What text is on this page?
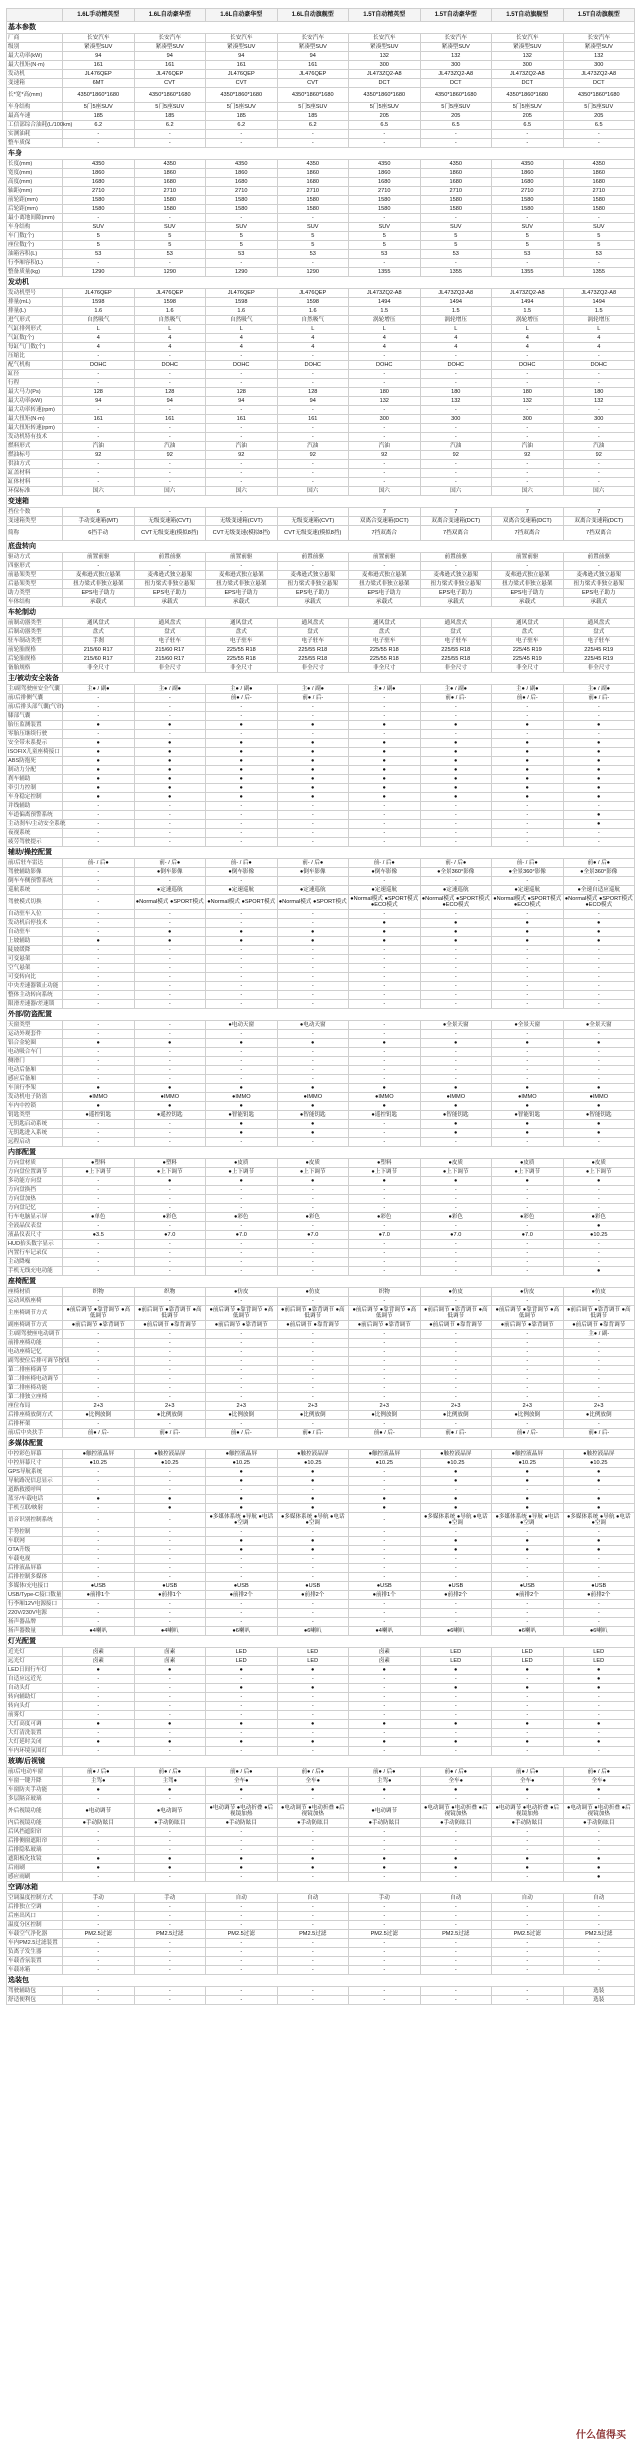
	1.6L手动精英型	1.6L自动豪华型	1.6L自动豪华型	1.6L自动旗舰型	1.5T自动精英型	1.5T自动豪华型	1.5T自动旗舰型	1.5T自动旗舰型
基本参数								
厂商	长安汽车	长安汽车	长安汽车	长安汽车	长安汽车	长安汽车	长安汽车	长安汽车
级别	紧凑型SUV	紧凑型SUV	紧凑型SUV	紧凑型SUV	紧凑型SUV	紧凑型SUV	紧凑型SUV	紧凑型SUV
最大功率(kW)	94	94	94	94	132	132	132	132
最大扭矩(N·m)	161	161	161	161	300	300	300	300
发动机	JL476QEP	JL476QEP	JL476QEP	JL476QEP	JL473ZQ2-A8	JL473ZQ2-A8	JL473ZQ2-A8	JL473ZQ2-A8
变速箱	6MT	CVT	CVT	CVT	DCT	DCT	DCT	DCT
长*宽*高(mm)	4350*1860*1680	4350*1860*1680	4350*1860*1680	4350*1860*1680	4350*1860*1680	4350*1860*1680	4350*1860*1680	4350*1860*1680
车身结构	5门5座SUV	5门5座SUV	5门5座SUV	5门5座SUV	5门5座SUV	5门5座SUV	5门5座SUV	5门5座SUV
最高车速	185	185	185	185	205	205	205	205
工信部综合油耗(L/100km)	6.2	6.2	6.2	6.2	6.5	6.5	6.5	6.5
实测油耗	-	-	-	-	-	-	-	-
整车质保	-	-	-	-	-	-	-	-
车身								
长度(mm)	4350	4350	4350	4350	4350	4350	4350	4350
宽度(mm)	1860	1860	1860	1860	1860	1860	1860	1860
高度(mm)	1680	1680	1680	1680	1680	1680	1680	1680
轴距(mm)	2710	2710	2710	2710	2710	2710	2710	2710
前轮距(mm)	1580	1580	1580	1580	1580	1580	1580	1580
后轮距(mm)	1580	1580	1580	1580	1580	1580	1580	1580
最小离地间隙(mm)	-	-	-	-	-	-	-	-
车身结构	SUV	SUV	SUV	SUV	SUV	SUV	SUV	SUV
车门数(个)	5	5	5	5	5	5	5	5
座位数(个)	5	5	5	5	5	5	5	5
油箱容积(L)	53	53	53	53	53	53	53	53
行李厢容积(L)	-	-	-	-	-	-	-	-
整备质量(kg)	1290	1290	1290	1290	1355	1355	1355	1355
发动机								
发动机型号	JL476QEP	JL476QEP	JL476QEP	JL476QEP	JL473ZQ2-A8	JL473ZQ2-A8	JL473ZQ2-A8	JL473ZQ2-A8
排量(mL)	1598	1598	1598	1598	1494	1494	1494	1494
排量(L)	1.6	1.6	1.6	1.6	1.5	1.5	1.5	1.5
进气形式	自然吸气	自然吸气	自然吸气	自然吸气	涡轮增压	涡轮增压	涡轮增压	涡轮增压
气缸排列形式	L	L	L	L	L	L	L	L
气缸数(个)	4	4	4	4	4	4	4	4
每缸气门数(个)	4	4	4	4	4	4	4	4
压缩比	-	-	-	-	-	-	-	-
配气机构	DOHC	DOHC	DOHC	DOHC	DOHC	DOHC	DOHC	DOHC
缸径	-	-	-	-	-	-	-	-
行程	-	-	-	-	-	-	-	-
最大马力(Ps)	128	128	128	128	180	180	180	180
最大功率(kW)	94	94	94	94	132	132	132	132
最大功率转速(rpm)	-	-	-	-	-	-	-	-
最大扭矩(N·m)	161	161	161	161	300	300	300	300
最大扭矩转速(rpm)	-	-	-	-	-	-	-	-
发动机特有技术	-	-	-	-	-	-	-	-
燃料形式	汽油	汽油	汽油	汽油	汽油	汽油	汽油	汽油
燃油标号	92	92	92	92	92	92	92	92
供油方式	-	-	-	-	-	-	-	-
缸盖材料	-	-	-	-	-	-	-	-
缸体材料	-	-	-	-	-	-	-	-
环保标准	国六	国六	国六	国六	国六	国六	国六	国六
变速箱								
挡位个数	6	-	-	-	7	7	7	7
变速箱类型	手动变速箱(MT)	无级变速箱(CVT)	无级变速箱(CVT)	无级变速箱(CVT)	双离合变速箱(DCT)	双离合变速箱(DCT)	双离合变速箱(DCT)	双离合变速箱(DCT)
简称	6挡手动	CVT无级变速(模拟8挡)	CVT无级变速(模拟8挡)	CVT无级变速(模拟8挡)	7挡双离合	7挡双离合	7挡双离合	7挡双离合
底盘转向								
驱动方式	前置前驱	前置前驱	前置前驱	前置前驱	前置前驱	前置前驱	前置前驱	前置前驱
四驱形式	-	-	-	-	-	-	-	-
前悬架类型	麦弗逊式独立悬架	麦弗逊式独立悬架	麦弗逊式独立悬架	麦弗逊式独立悬架	麦弗逊式独立悬架	麦弗逊式独立悬架	麦弗逊式独立悬架	麦弗逊式独立悬架
后悬架类型	扭力梁式非独立悬架	扭力梁式非独立悬架	扭力梁式非独立悬架	扭力梁式非独立悬架	扭力梁式非独立悬架	扭力梁式非独立悬架	扭力梁式非独立悬架	扭力梁式非独立悬架
助力类型	EPS电子助力	EPS电子助力	EPS电子助力	EPS电子助力	EPS电子助力	EPS电子助力	EPS电子助力	EPS电子助力
车体结构	承载式	承载式	承载式	承载式	承载式	承载式	承载式	承载式
车轮制动								
前制动器类型	通风盘式	通风盘式	通风盘式	通风盘式	通风盘式	通风盘式	通风盘式	通风盘式
后制动器类型	盘式	盘式	盘式	盘式	盘式	盘式	盘式	盘式
驻车制动类型	手刹	电子驻车	电子驻车	电子驻车	电子驻车	电子驻车	电子驻车	电子驻车
前轮胎规格	215/60 R17	215/60 R17	225/55 R18	225/55 R18	225/55 R18	225/55 R18	225/45 R19	225/45 R19
后轮胎规格	215/60 R17	215/60 R17	225/55 R18	225/55 R18	225/55 R18	225/55 R18	225/45 R19	225/45 R19
备胎规格	非全尺寸	非全尺寸	非全尺寸	非全尺寸	非全尺寸	非全尺寸	非全尺寸	非全尺寸
主/被动安全装备								
主/副驾驶座安全气囊	主● / 副●	主● / 副●	主● / 副●	主● / 副●	主● / 副●	主● / 副●	主● / 副●	主● / 副●
前/后排侧气囊	-	-	前● / 后-	前● / 后-	-	前● / 后-	前● / 后-	前● / 后-
前/后排头部气囊(气帘)	-	-	-	-	-	-	-	-
膝部气囊	-	-	-	-	-	-	-	-
胎压监测装置	●	●	●	●	●	●	●	●
零胎压继续行驶	-	-	-	-	-	-	-	-
安全带未系提示	●	●	●	●	●	●	●	●
ISOFIX儿童座椅接口	●	●	●	●	●	●	●	●
ABS防抱死	●	●	●	●	●	●	●	●
制动力分配	●	●	●	●	●	●	●	●
刹车辅助	●	●	●	●	●	●	●	●
牵引力控制	●	●	●	●	●	●	●	●
车身稳定控制	●	●	●	●	●	●	●	●
并线辅助	-	-	-	-	-	-	-	-
车道偏离预警系统	-	-	-	-	-	-	-	●
主动刹车/主动安全系统	-	-	-	-	-	-	-	●
夜视系统	-	-	-	-	-	-	-	-
疲劳驾驶提示	-	-	-	-	-	-	-	-
辅助/操控配置								
前/后驻车雷达	前- / 后●	前- / 后●	前- / 后●	前- / 后●	前- / 后●	前- / 后●	前- / 后●	前● / 后●
驾驶辅助影像	-	●倒车影像	●倒车影像	●倒车影像	●倒车影像	●全景360°影像	●全景360°影像	●全景360°影像
倒车车侧预警系统	-	-	-	-	-	-	-	-
巡航系统	-	●定速巡航	●定速巡航	●定速巡航	●定速巡航	●定速巡航	●定速巡航	●全速自适应巡航
驾驶模式切换	-	●Normal模式 ●SPORT模式	●Normal模式 ●SPORT模式	●Normal模式 ●SPORT模式	●Normal模式 ●SPORT模式 ●ECO模式	●Normal模式 ●SPORT模式 ●ECO模式	●Normal模式 ●SPORT模式 ●ECO模式	●Normal模式 ●SPORT模式 ●ECO模式
自动驻车入位	-	-	-	-	-	-	-	-
发动机启停技术	-	-	-	-	●	●	●	●
自动驻车	-	●	●	●	●	●	●	●
上坡辅助	●	●	●	●	●	●	●	●
陡坡缓降	-	-	-	-	-	-	-	-
可变悬架	-	-	-	-	-	-	-	-
空气悬架	-	-	-	-	-	-	-	-
可变转向比	-	-	-	-	-	-	-	-
中央差速器锁止功能	-	-	-	-	-	-	-	-
整体主动转向系统	-	-	-	-	-	-	-	-
限滑差速器/差速锁	-	-	-	-	-	-	-	-
外部/防盗配置								
天窗类型	-	-	●电动天窗	●电动天窗	-	●全景天窗	●全景天窗	●全景天窗
运动外观套件	-	-	-	-	-	-	-	-
铝合金轮圈	●	●	●	●	●	●	●	●
电动吸合车门	-	-	-	-	-	-	-	-
侧滑门	-	-	-	-	-	-	-	-
电动后备厢	-	-	-	-	-	-	-	-
感应后备厢	-	-	-	-	-	-	-	-
车顶行李架	●	●	●	●	●	●	●	●
发动机电子防盗	●IMMO	●IMMO	●IMMO	●IMMO	●IMMO	●IMMO	●IMMO	●IMMO
车内中控锁	●	●	●	●	●	●	●	●
钥匙类型	●遥控钥匙	●遥控钥匙	●智能钥匙	●智能钥匙	●遥控钥匙	●智能钥匙	●智能钥匙	●智能钥匙
无钥匙启动系统	-	-	●	●	-	●	●	●
无钥匙进入系统	-	-	●	●	-	●	●	●
远程启动	-	-	-	-	-	-	-	-
内部配置								
方向盘材质	●塑料	●塑料	●皮质	●皮质	●塑料	●皮质	●皮质	●皮质
方向盘位置调节	●上下调节	●上下调节	●上下调节	●上下调节	●上下调节	●上下调节	●上下调节	●上下调节
多功能方向盘	-	●	●	●	●	●	●	●
方向盘换挡	-	-	-	-	-	-	-	-
方向盘加热	-	-	-	-	-	-	-	-
方向盘记忆	-	-	-	-	-	-	-	-
行车电脑显示屏	●单色	●彩色	●彩色	●彩色	●彩色	●彩色	●彩色	●彩色
全液晶仪表盘	-	-	-	-	-	-	-	●
液晶仪表尺寸	●3.5	●7.0	●7.0	●7.0	●7.0	●7.0	●7.0	●10.25
HUD抬头数字显示	-	-	-	-	-	-	-	-
内置行车记录仪	-	-	-	-	-	-	-	-
主动降噪	-	-	-	-	-	-	-	-
手机无线充电功能	-	-	-	-	-	-	-	●
座椅配置								
座椅材质	织物	织物	●仿皮	●仿皮	织物	●仿皮	●仿皮	●仿皮
运动风格座椅	-	-	-	-	-	-	-	-
主座椅调节方式	●前后调节 ●靠背调节 ●高低调节	●前后调节 ●靠背调节 ●高低调节	●前后调节 ●靠背调节 ●高低调节	●前后调节 ●靠背调节 ●高低调节	●前后调节 ●靠背调节 ●高低调节	●前后调节 ●靠背调节 ●高低调节	●前后调节 ●靠背调节 ●高低调节	●前后调节 ●靠背调节 ●高低调节
副座椅调节方式	●前后调节 ●靠背调节	●前后调节 ●靠背调节	●前后调节 ●靠背调节	●前后调节 ●靠背调节	●前后调节 ●靠背调节	●前后调节 ●靠背调节	●前后调节 ●靠背调节	●前后调节 ●靠背调节
主/副驾驶座电动调节	-	-	-	-	-	-	-	主● / 副-
前排座椅功能	-	-	-	-	-	-	-	-
电动座椅记忆	-	-	-	-	-	-	-	-
副驾驶位后排可调节按钮	-	-	-	-	-	-	-	-
第二排座椅调节	-	-	-	-	-	-	-	-
第二排座椅电动调节	-	-	-	-	-	-	-	-
第二排座椅功能	-	-	-	-	-	-	-	-
第二排独立座椅	-	-	-	-	-	-	-	-
座位布局	2+3	2+3	2+3	2+3	2+3	2+3	2+3	2+3
后排座椅放倒方式	●比例放倒	●比例放倒	●比例放倒	●比例放倒	●比例放倒	●比例放倒	●比例放倒	●比例放倒
后排杯架	-	-	-	-	-	-	-	-
前/后中央扶手	前● / 后-	前● / 后-	前● / 后-	前● / 后-	前● / 后-	前● / 后-	前● / 后-	前● / 后-
多媒体配置								
中控彩色屏幕	●触控液晶屏	●触控液晶屏	●触控液晶屏	●触控液晶屏	●触控液晶屏	●触控液晶屏	●触控液晶屏	●触控液晶屏
中控屏幕尺寸	●10.25	●10.25	●10.25	●10.25	●10.25	●10.25	●10.25	●10.25
GPS导航系统	-	-	●	●	-	●	●	●
导航路况信息显示	-	-	●	●	-	●	●	●
道路救援呼叫	-	-	-	-	-	-	-	-
蓝牙/车载电话	●	●	●	●	●	●	●	●
手机互联/映射	-	●	●	●	●	●	●	●
语音识别控制系统	-	-	●多媒体系统 ●导航 ●电话 ●空调	●多媒体系统 ●导航 ●电话 ●空调	-	●多媒体系统 ●导航 ●电话 ●空调	●多媒体系统 ●导航 ●电话 ●空调	●多媒体系统 ●导航 ●电话 ●空调
手势控制	-	-	-	-	-	-	-	-
车联网	-	-	●	●	-	●	●	●
OTA升级	-	-	●	●	-	●	●	●
车载电视	-	-	-	-	-	-	-	-
后排液晶屏幕	-	-	-	-	-	-	-	-
后排控制多媒体	-	-	-	-	-	-	-	-
多媒体/充电接口	●USB	●USB	●USB	●USB	●USB	●USB	●USB	●USB
USB/Type-C接口数量	●前排1个	●前排1个	●前排2个	●前排2个	●前排1个	●前排2个	●前排2个	●前排2个
行李厢12V电源接口	-	-	-	-	-	-	-	-
220V/230V电源	-	-	-	-	-	-	-	-
扬声器品牌	-	-	-	-	-	-	-	-
扬声器数量	●4喇叭	●4喇叭	●6喇叭	●6喇叭	●4喇叭	●6喇叭	●6喇叭	●6喇叭
灯光配置								
近光灯	卤素	卤素	LED	LED	卤素	LED	LED	LED
远光灯	卤素	卤素	LED	LED	卤素	LED	LED	LED
LED日间行车灯	●	●	●	●	●	●	●	●
自适应远近光	-	-	-	-	-	-	-	●
自动头灯	-	-	●	●	-	●	●	●
转向辅助灯	-	-	-	-	-	-	-	-
转向头灯	-	-	-	-	-	-	-	-
前雾灯	-	-	-	-	-	-	-	-
大灯高度可调	●	●	●	●	●	●	●	●
大灯清洗装置	-	-	-	-	-	-	-	-
大灯延时关闭	●	●	●	●	●	●	●	●
车内环境氛围灯	-	-	-	-	-	-	-	-
玻璃/后视镜								
前/后电动车窗	前● / 后●	前● / 后●	前● / 后●	前● / 后●	前● / 后●	前● / 后●	前● / 后●	前● / 后●
车窗一键升降	主驾●	主驾●	全车●	全车●	主驾●	全车●	全车●	全车●
车窗防夹手功能	●	●	●	●	●	●	●	●
多层隔音玻璃	-	-	-	-	-	-	-	-
外后视镜功能	●电动调节	●电动调节	●电动调节 ●电动折叠 ●后视镜加热	●电动调节 ●电动折叠 ●后视镜加热	●电动调节	●电动调节 ●电动折叠 ●后视镜加热	●电动调节 ●电动折叠 ●后视镜加热	●电动调节 ●电动折叠 ●后视镜加热
内后视镜功能	●手动防眩目	●手动防眩目	●手动防眩目	●手动防眩目	●手动防眩目	●手动防眩目	●手动防眩目	●手动防眩目
后风挡遮阳帘	-	-	-	-	-	-	-	-
后排侧窗遮阳帘	-	-	-	-	-	-	-	-
后排隐私玻璃	-	-	-	-	-	-	-	-
遮阳板化妆镜	●	●	●	●	●	●	●	●
后雨刷	●	●	●	●	●	●	●	●
感应雨刷	-	-	-	-	-	-	-	●
空调/冰箱								
空调温度控制方式	手动	手动	自动	自动	手动	自动	自动	自动
后排独立空调	-	-	-	-	-	-	-	-
后座出风口	-	-	-	-	-	-	-	-
温度分区控制	-	-	-	-	-	-	-	-
车载空气净化器	PM2.5过滤	PM2.5过滤	PM2.5过滤	PM2.5过滤	PM2.5过滤	PM2.5过滤	PM2.5过滤	PM2.5过滤
车内PM2.5过滤装置	-	-	-	-	-	-	-	-
负离子发生器	-	-	-	-	-	-	-	-
车载香氛装置	-	-	-	-	-	-	-	-
车载冰箱	-	-	-	-	-	-	-	-
选装包								
驾驶辅助包	-	-	-	-	-	-	-	选装
舒适便利包	-	-	-	-	-	-	-	选装
什么值得买
